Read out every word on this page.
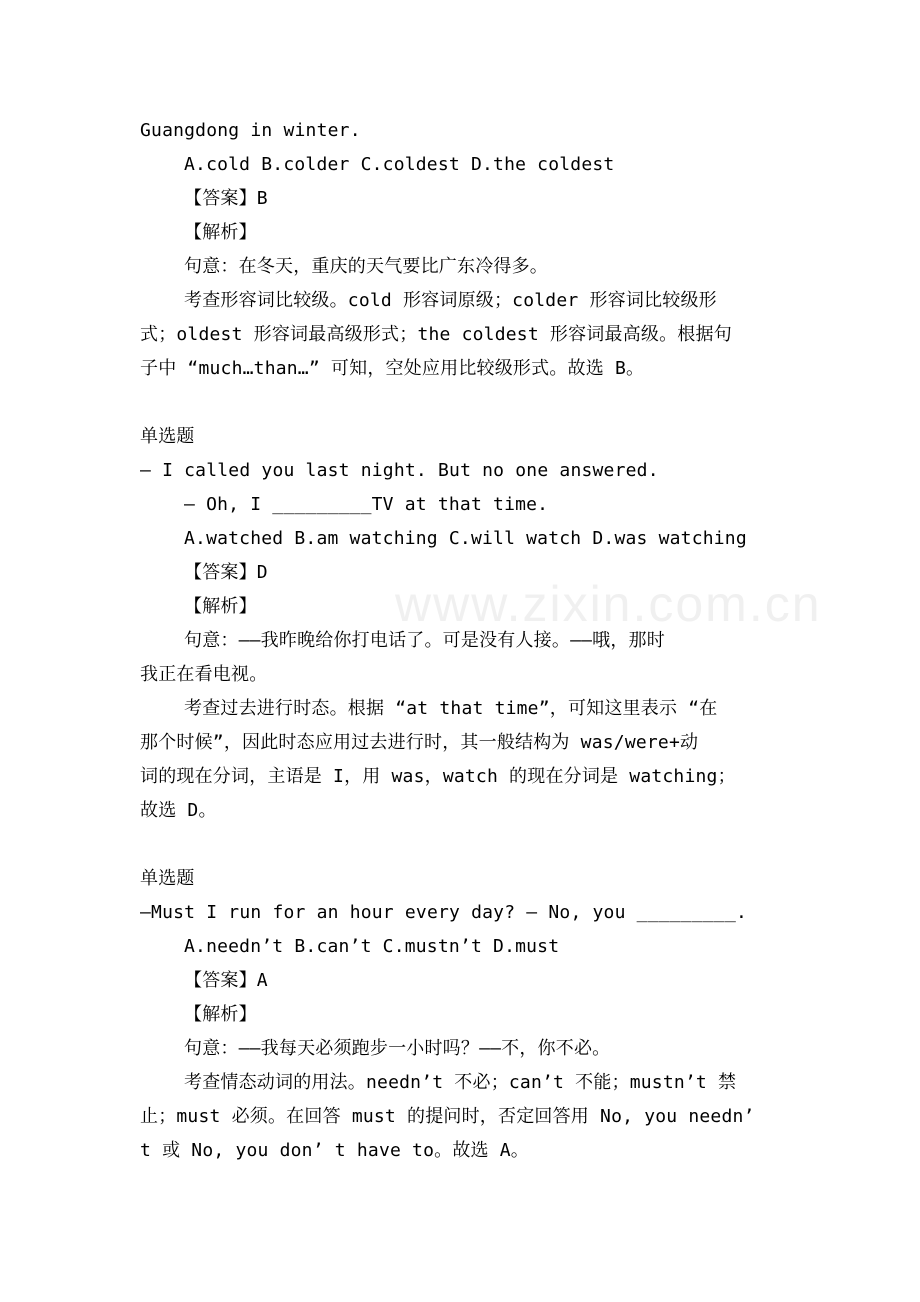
www.zixin.com.cn
Guangdong in winter.
A.cold B.colder C.coldest D.the coldest
【答案】B
【解析】
句意：在冬天，重庆的天气要比广东冷得多。
考查形容词比较级。cold 形容词原级；colder 形容词比较级形
式；oldest 形容词最高级形式；the coldest 形容词最高级。根据句
子中 “much…than…” 可知，空处应用比较级形式。故选 B。
单选题
— I called you last night. But no one answered.
— Oh, I _________TV at that time.
A.watched B.am watching C.will watch D.was watching
【答案】D
【解析】
句意：——我昨晚给你打电话了。可是没有人接。——哦，那时
我正在看电视。
考查过去进行时态。根据 “at that time”，可知这里表示 “在
那个时候”，因此时态应用过去进行时，其一般结构为 was/were+动
词的现在分词，主语是 I，用 was，watch 的现在分词是 watching；
故选 D。
单选题
—Must I run for an hour every day? — No, you _________.
A.needn’t B.can’t C.mustn’t D.must
【答案】A
【解析】
句意：——我每天必须跑步一小时吗？——不，你不必。
考查情态动词的用法。needn’t 不必；can’t 不能；mustn’t 禁
止；must 必须。在回答 must 的提问时，否定回答用 No, you needn’
t 或 No, you don’ t have to。故选 A。
